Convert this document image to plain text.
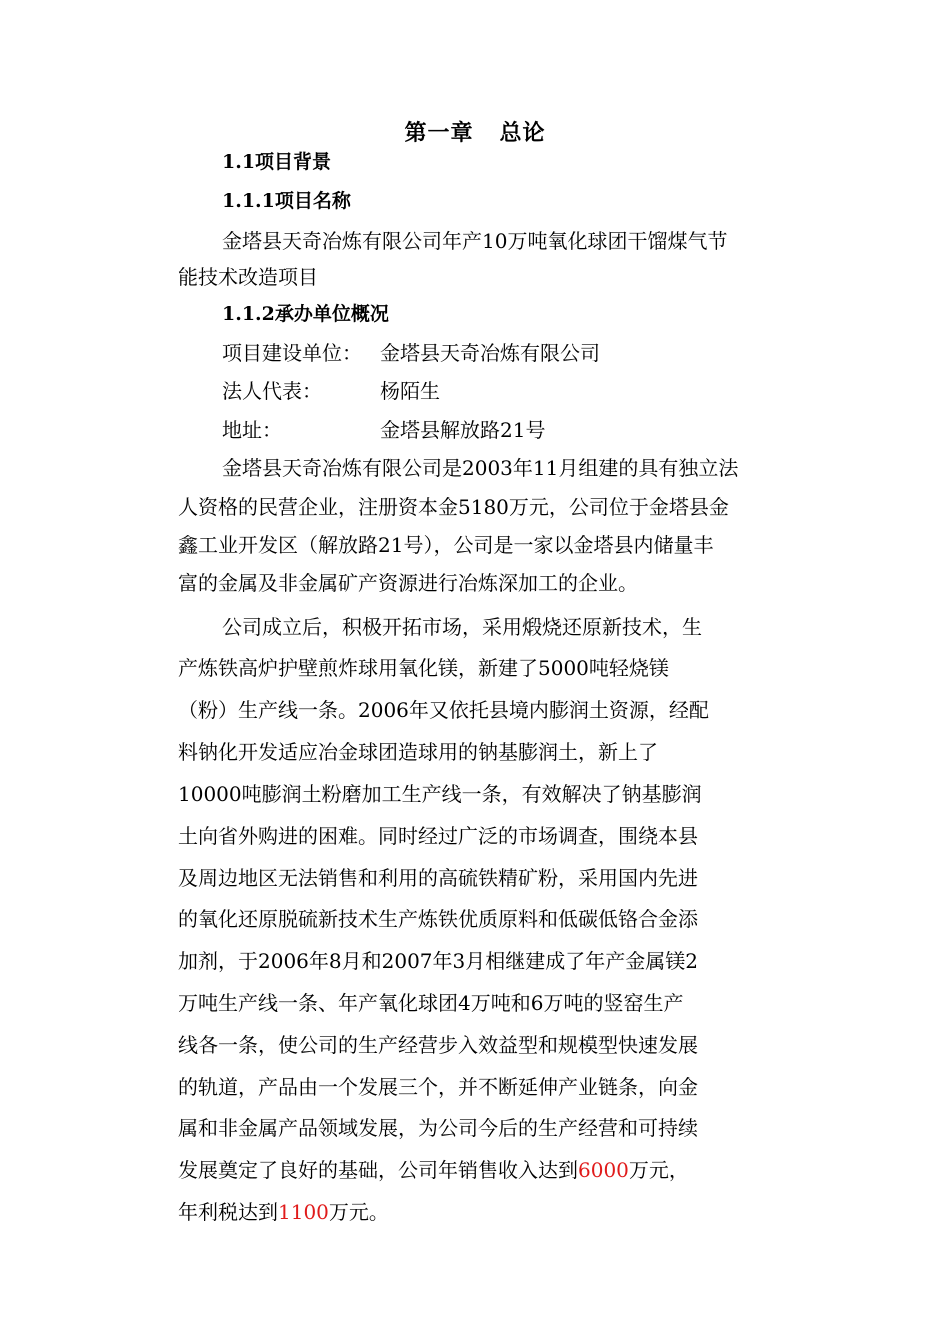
第一章 总论
1.1项目背景
1.1.1项目名称
金塔县天奇冶炼有限公司年产10万吨氧化球团干馏煤气节
能技术改造项目
1.1.2承办单位概况
项目建设单位： 金塔县天奇冶炼有限公司
法人代表：	杨陌生
地址：	金塔县解放路21号
金塔县天奇冶炼有限公司是2003年11月组建的具有独立法
人资格的民营企业，注册资本金5180万元，公司位于金塔县金
鑫工业开发区（解放路21号），公司是一家以金塔县内储量丰
富的金属及非金属矿产资源进行冶炼深加工的企业。
公司成立后，积极开拓市场，采用煅烧还原新技术，生
产炼铁高炉护壁煎炸球用氧化镁，新建了5000吨轻烧镁
（粉）生产线一条。2006年又依托县境内膨润土资源，经配
料钠化开发适应冶金球团造球用的钠基膨润土，新上了
10000吨膨润土粉磨加工生产线一条，有效解决了钠基膨润
土向省外购进的困难。同时经过广泛的市场调查，围绕本县
及周边地区无法销售和利用的高硫铁精矿粉，采用国内先进
的氧化还原脱硫新技术生产炼铁优质原料和低碳低铬合金添
加剂，于2006年8月和2007年3月相继建成了年产金属镁2
万吨生产线一条、年产氧化球团4万吨和6万吨的竖窑生产
线各一条，使公司的生产经营步入效益型和规模型快速发展
的轨道，产品由一个发展三个，并不断延伸产业链条，向金
属和非金属产品领域发展，为公司今后的生产经营和可持续
发展奠定了良好的基础，公司年销售收入达到6000万元，
年利税达到1100万元。
